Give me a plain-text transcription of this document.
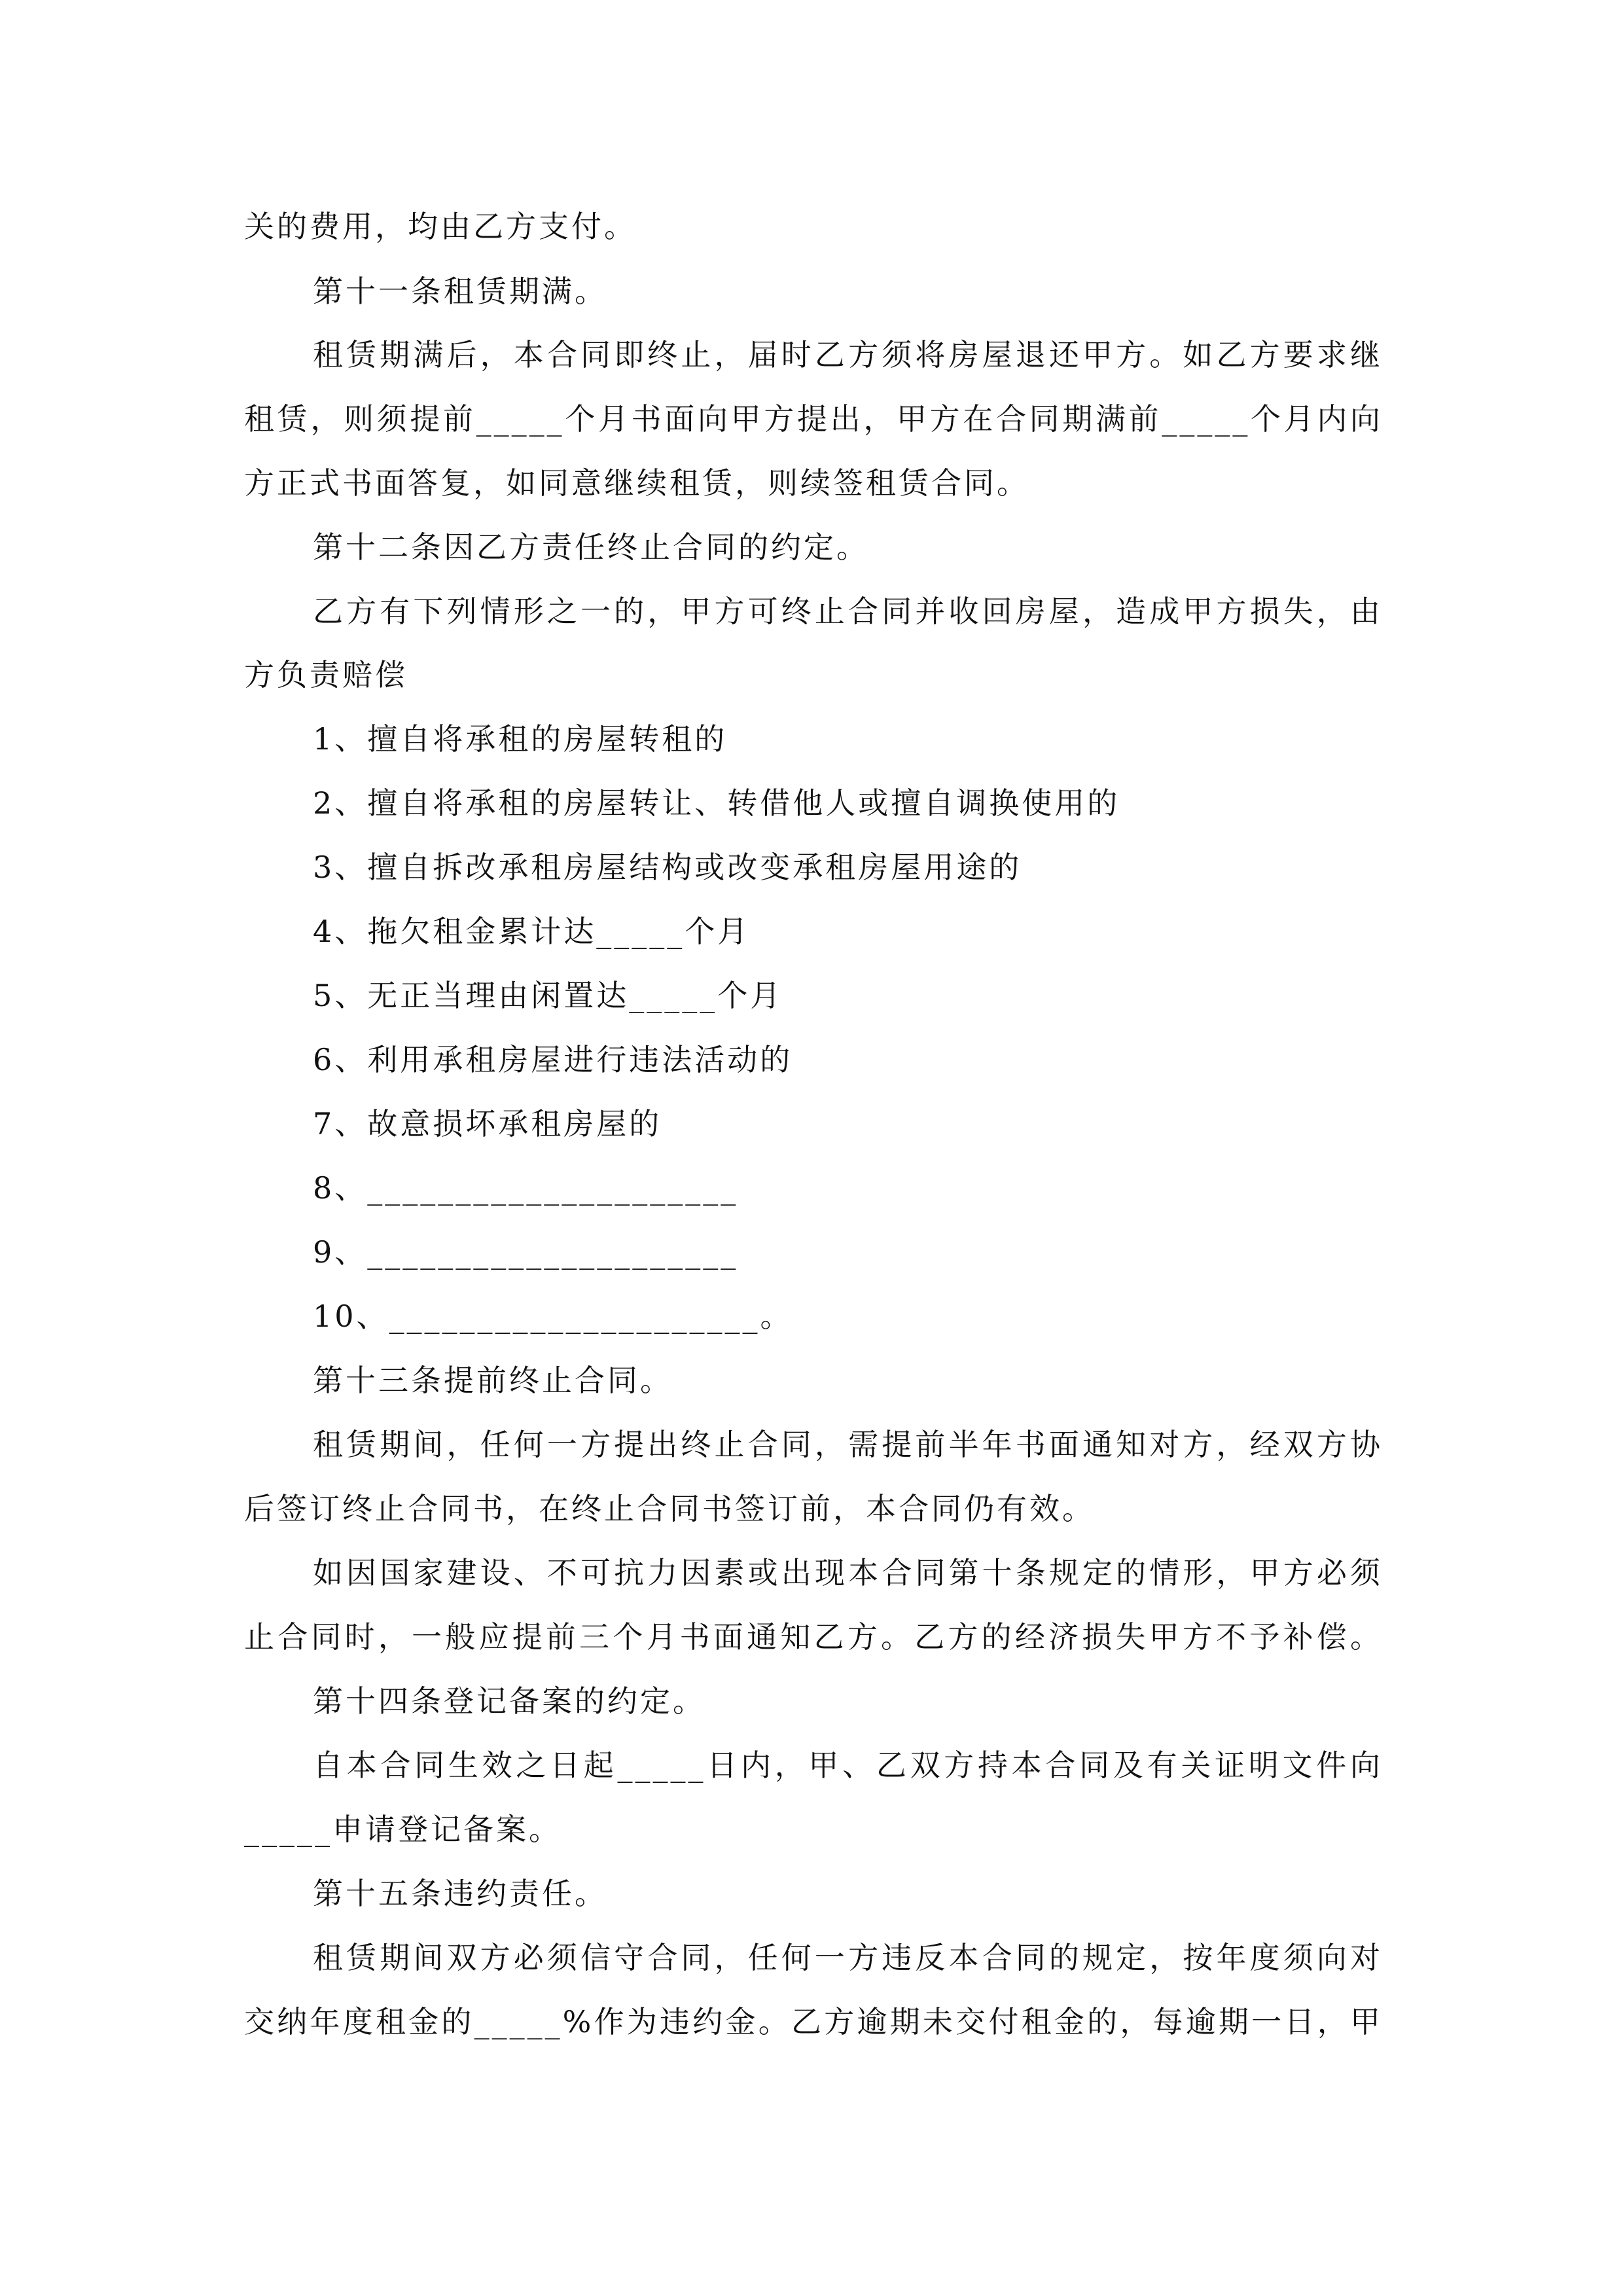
关的费用，均由乙方支付。
第十一条租赁期满。
租赁期满后，本合同即终止，届时乙方须将房屋退还甲方。如乙方要求继
租赁，则须提前_____个月书面向甲方提出，甲方在合同期满前_____个月内向
方正式书面答复，如同意继续租赁，则续签租赁合同。
第十二条因乙方责任终止合同的约定。
乙方有下列情形之一的，甲方可终止合同并收回房屋，造成甲方损失，由
方负责赔偿
1、擅自将承租的房屋转租的
2、擅自将承租的房屋转让、转借他人或擅自调换使用的
3、擅自拆改承租房屋结构或改变承租房屋用途的
4、拖欠租金累计达_____个月
5、无正当理由闲置达_____个月
6、利用承租房屋进行违法活动的
7、故意损坏承租房屋的
8、_____________________
9、_____________________
10、_____________________。
第十三条提前终止合同。
租赁期间，任何一方提出终止合同，需提前半年书面通知对方，经双方协
后签订终止合同书，在终止合同书签订前，本合同仍有效。
如因国家建设、不可抗力因素或出现本合同第十条规定的情形，甲方必须
止合同时，一般应提前三个月书面通知乙方。乙方的经济损失甲方不予补偿。
第十四条登记备案的约定。
自本合同生效之日起_____日内，甲、乙双方持本合同及有关证明文件向
_____申请登记备案。
第十五条违约责任。
租赁期间双方必须信守合同，任何一方违反本合同的规定，按年度须向对
交纳年度租金的_____%作为违约金。乙方逾期未交付租金的，每逾期一日，甲
